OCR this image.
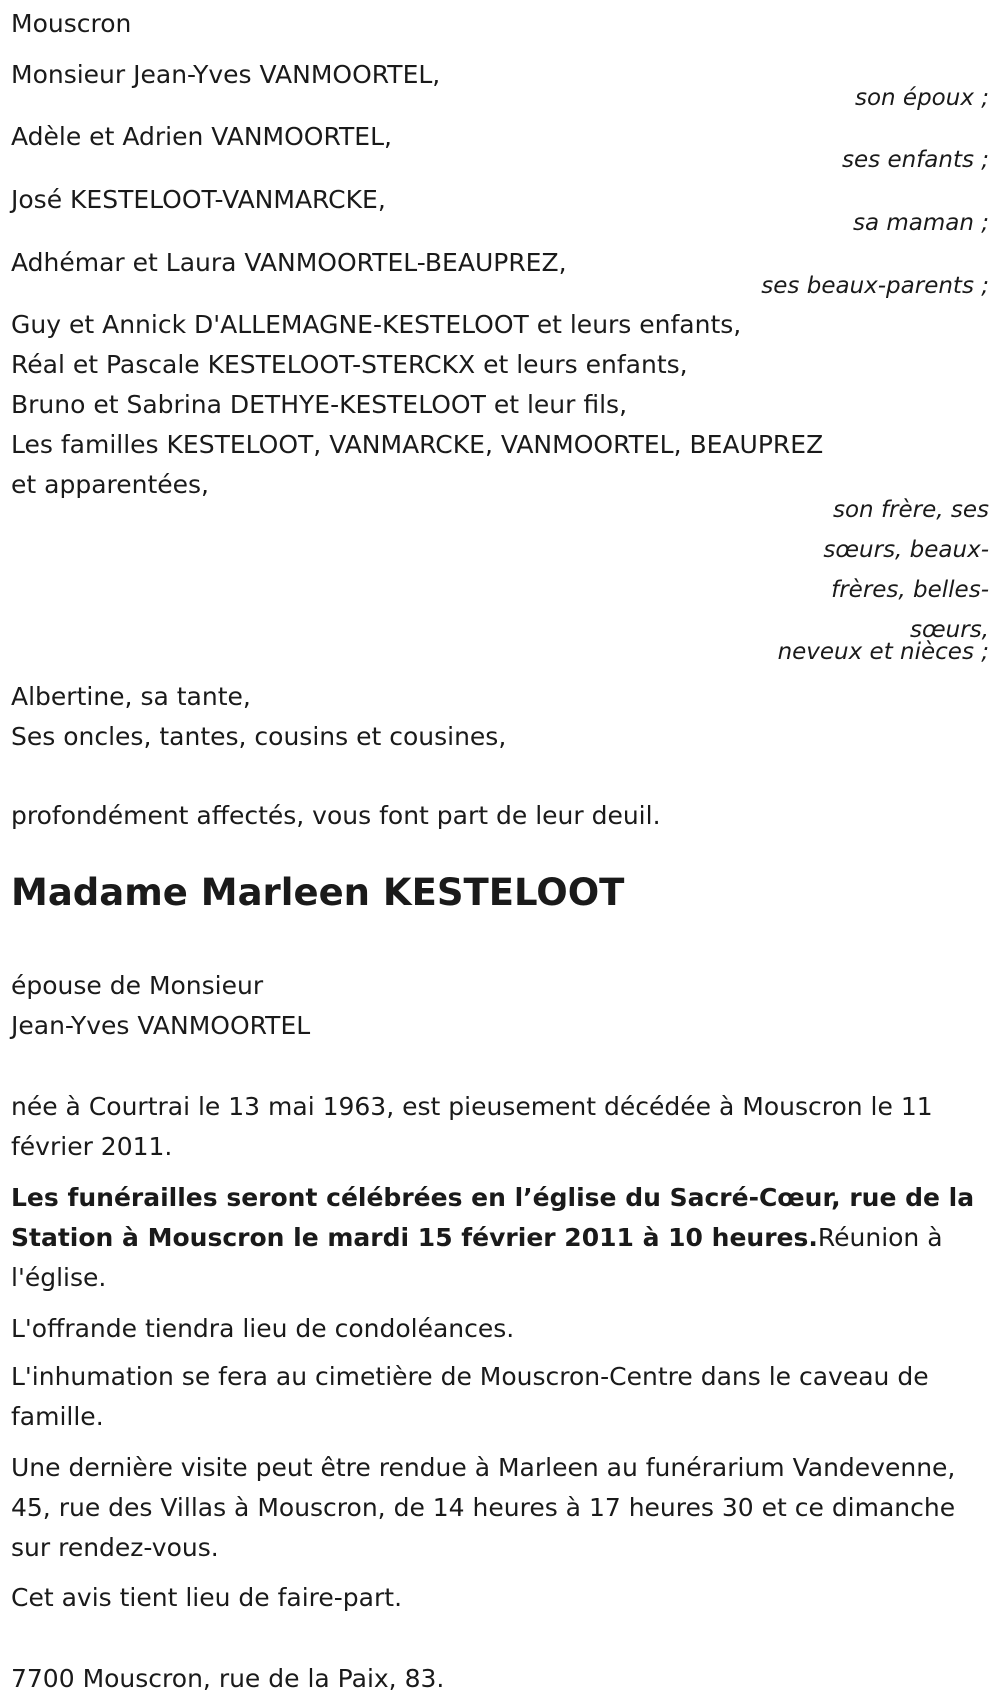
Mouscron
Monsieur Jean-Yves VANMOORTEL,
son époux ;
Adèle et Adrien VANMOORTEL,
ses enfants ;
José KESTELOOT-VANMARCKE,
sa maman ;
Adhémar et Laura VANMOORTEL-BEAUPREZ,
ses beaux-parents ;
Guy et Annick D'ALLEMAGNE-KESTELOOT et leurs enfants,
Réal et Pascale KESTELOOT-STERCKX et leurs enfants,
Bruno et Sabrina DETHYE-KESTELOOT et leur fils,
Les familles KESTELOOT, VANMARCKE, VANMOORTEL, BEAUPREZ
et apparentées,
son frère, ses
sœurs, beaux-
frères, belles-
sœurs,
neveux et nièces ;
Albertine, sa tante,
Ses oncles, tantes, cousins et cousines,
profondément affectés, vous font part de leur deuil.
Madame Marleen KESTELOOT
épouse de Monsieur
Jean-Yves VANMOORTEL
née à Courtrai le 13 mai 1963, est pieusement décédée à Mouscron le 11 février 2011.
Les funérailles seront célébrées en l’église du Sacré-Cœur, rue de la Station à Mouscron le mardi 15 février 2011 à 10 heures.Réunion à l'église.
L'offrande tiendra lieu de condoléances.
L'inhumation se fera au cimetière de Mouscron-Centre dans le caveau de famille.
Une dernière visite peut être rendue à Marleen au funérarium Vandevenne, 45, rue des Villas à Mouscron, de 14 heures à 17 heures 30 et ce dimanche sur rendez-vous.
Cet avis tient lieu de faire-part.
7700 Mouscron, rue de la Paix, 83.
